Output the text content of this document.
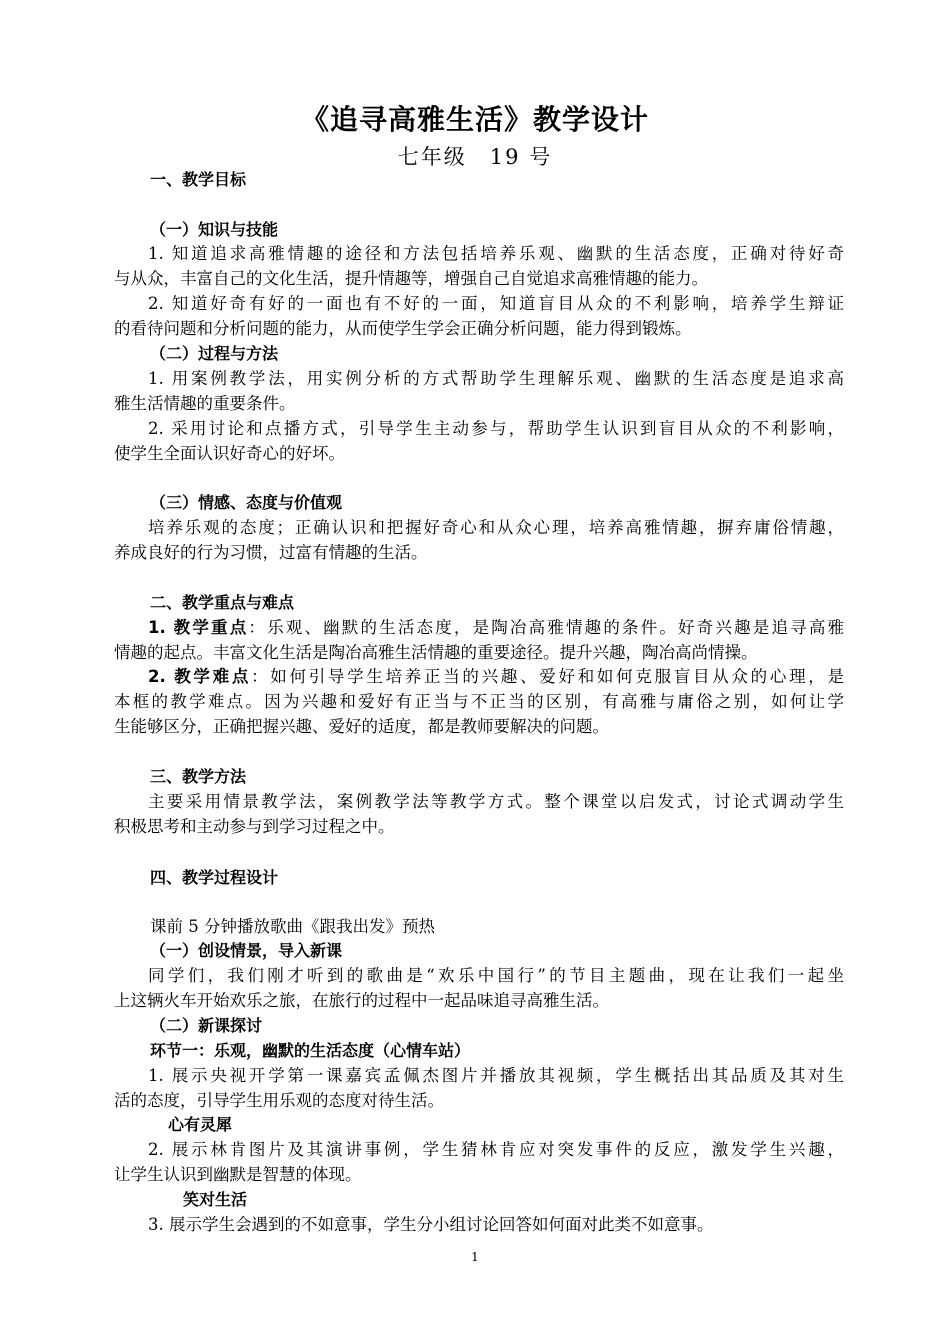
《追寻高雅生活》教学设计
七年级　19 号
一、教学目标
（一）知识与技能
1. 知道追求高雅情趣的途径和方法包括培养乐观、幽默的生活态度，正确对待好奇
与从众，丰富自己的文化生活，提升情趣等，增强自己自觉追求高雅情趣的能力。
2. 知道好奇有好的一面也有不好的一面，知道盲目从众的不利影响，培养学生辩证
的看待问题和分析问题的能力，从而使学生学会正确分析问题，能力得到锻炼。
（二）过程与方法
1. 用案例教学法，用实例分析的方式帮助学生理解乐观、幽默的生活态度是追求高
雅生活情趣的重要条件。
2. 采用讨论和点播方式，引导学生主动参与，帮助学生认识到盲目从众的不利影响，
使学生全面认识好奇心的好坏。
（三）情感、态度与价值观
培养乐观的态度；正确认识和把握好奇心和从众心理，培养高雅情趣，摒弃庸俗情趣，
养成良好的行为习惯，过富有情趣的生活。
二、教学重点与难点
1. 教学重点：乐观、幽默的生活态度，是陶冶高雅情趣的条件。好奇兴趣是追寻高雅
情趣的起点。丰富文化生活是陶冶高雅生活情趣的重要途径。提升兴趣，陶冶高尚情操。
2. 教学难点：如何引导学生培养正当的兴趣、爱好和如何克服盲目从众的心理，是
本框的教学难点。因为兴趣和爱好有正当与不正当的区别，有高雅与庸俗之别，如何让学
生能够区分，正确把握兴趣、爱好的适度，都是教师要解决的问题。
三、教学方法
主要采用情景教学法，案例教学法等教学方式。整个课堂以启发式，讨论式调动学生
积极思考和主动参与到学习过程之中。
四、教学过程设计
课前 5 分钟播放歌曲《跟我出发》预热
（一）创设情景，导入新课
同学们，我们刚才听到的歌曲是“欢乐中国行”的节目主题曲，现在让我们一起坐
上这辆火车开始欢乐之旅，在旅行的过程中一起品味追寻高雅生活。
（二）新课探讨
环节一：乐观，幽默的生活态度（心情车站）
1. 展示央视开学第一课嘉宾孟佩杰图片并播放其视频，学生概括出其品质及其对生
活的态度，引导学生用乐观的态度对待生活。
心有灵犀
2. 展示林肯图片及其演讲事例，学生猜林肯应对突发事件的反应，激发学生兴趣，
让学生认识到幽默是智慧的体现。
笑对生活
3. 展示学生会遇到的不如意事，学生分小组讨论回答如何面对此类不如意事。
1
